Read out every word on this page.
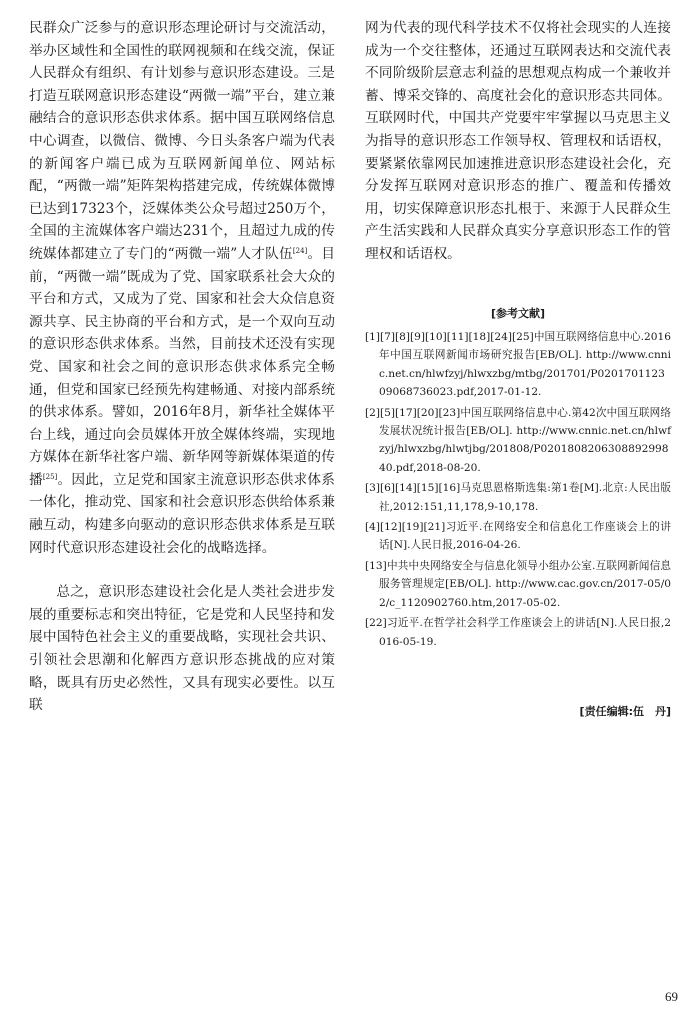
民群众广泛参与的意识形态理论研讨与交流活动，举办区域性和全国性的联网视频和在线交流，保证人民群众有组织、有计划参与意识形态建设。三是打造互联网意识形态建设“两微一端”平台，建立兼融结合的意识形态供求体系。据中国互联网络信息中心调查，以微信、微博、今日头条客户端为代表的新闻客户端已成为互联网新闻单位、网站标配，“两微一端”矩阵架构搭建完成，传统媒体微博已达到17323个，泛媒体类公众号超过250万个，全国的主流媒体客户端达231个，且超过九成的传统媒体都建立了专门的“两微一端”人才队伍[24]。目前，“两微一端”既成为了党、国家联系社会大众的平台和方式，又成为了党、国家和社会大众信息资源共享、民主协商的平台和方式，是一个双向互动的意识形态供求体系。当然，目前技术还没有实现党、国家和社会之间的意识形态供求体系完全畅通，但党和国家已经预先构建畅通、对接内部系统的供求体系。譬如，2016年8月，新华社全媒体平台上线，通过向会员媒体开放全媒体终端，实现地方媒体在新华社客户端、新华网等新媒体渠道的传播[25]。因此，立足党和国家主流意识形态供求体系一体化，推动党、国家和社会意识形态供给体系兼融互动，构建多向驱动的意识形态供求体系是互联网时代意识形态建设社会化的战略选择。

总之，意识形态建设社会化是人类社会进步发展的重要标志和突出特征，它是党和人民坚持和发展中国特色社会主义的重要战略，实现社会共识、引领社会思潮和化解西方意识形态挑战的应对策略，既具有历史必然性，又具有现实必要性。以互联

网为代表的现代科学技术不仅将社会现实的人连接成为一个交往整体，还通过互联网表达和交流代表不同阶级阶层意志利益的思想观点构成一个兼收并蓄、博采交锋的、高度社会化的意识形态共同体。互联网时代，中国共产党要牢牢掌握以马克思主义为指导的意识形态工作领导权、管理权和话语权，要紧紧依靠网民加速推进意识形态建设社会化，充分发挥互联网对意识形态的推广、覆盖和传播效用，切实保障意识形态扎根于、来源于人民群众生产生活实践和人民群众真实分享意识形态工作的管理权和话语权。

[参考文献]

[1][7][8][9][10][11][18][24][25]中国互联网络信息中心.2016年中国互联网新闻市场研究报告[EB/OL]. http://www.cnnic.net.cn/hlwfzyj/hlwxzbg/mtbg/201701/P020170112309068736023.pdf,2017-01-12.

[2][5][17][20][23]中国互联网络信息中心.第42次中国互联网络发展状况统计报告[EB/OL]. http://www.cnnic.net.cn/hlwfzyj/hlwxzbg/hlwtjbg/201808/P020180820630889299840.pdf,2018-08-20.

[3][6][14][15][16]马克思恩格斯选集:第1卷[M].北京:人民出版社,2012:151,11,178,9-10,178.

[4][12][19][21]习近平.在网络安全和信息化工作座谈会上的讲话[N].人民日报,2016-04-26.

[13]中共中央网络安全与信息化领导小组办公室.互联网新闻信息服务管理规定[EB/OL]. http://www.cac.gov.cn/2017-05/02/c_1120902760.htm,2017-05-02.

[22]习近平.在哲学社会科学工作座谈会上的讲话[N].人民日报,2016-05-19.

[责任编辑:伍　丹]
69
